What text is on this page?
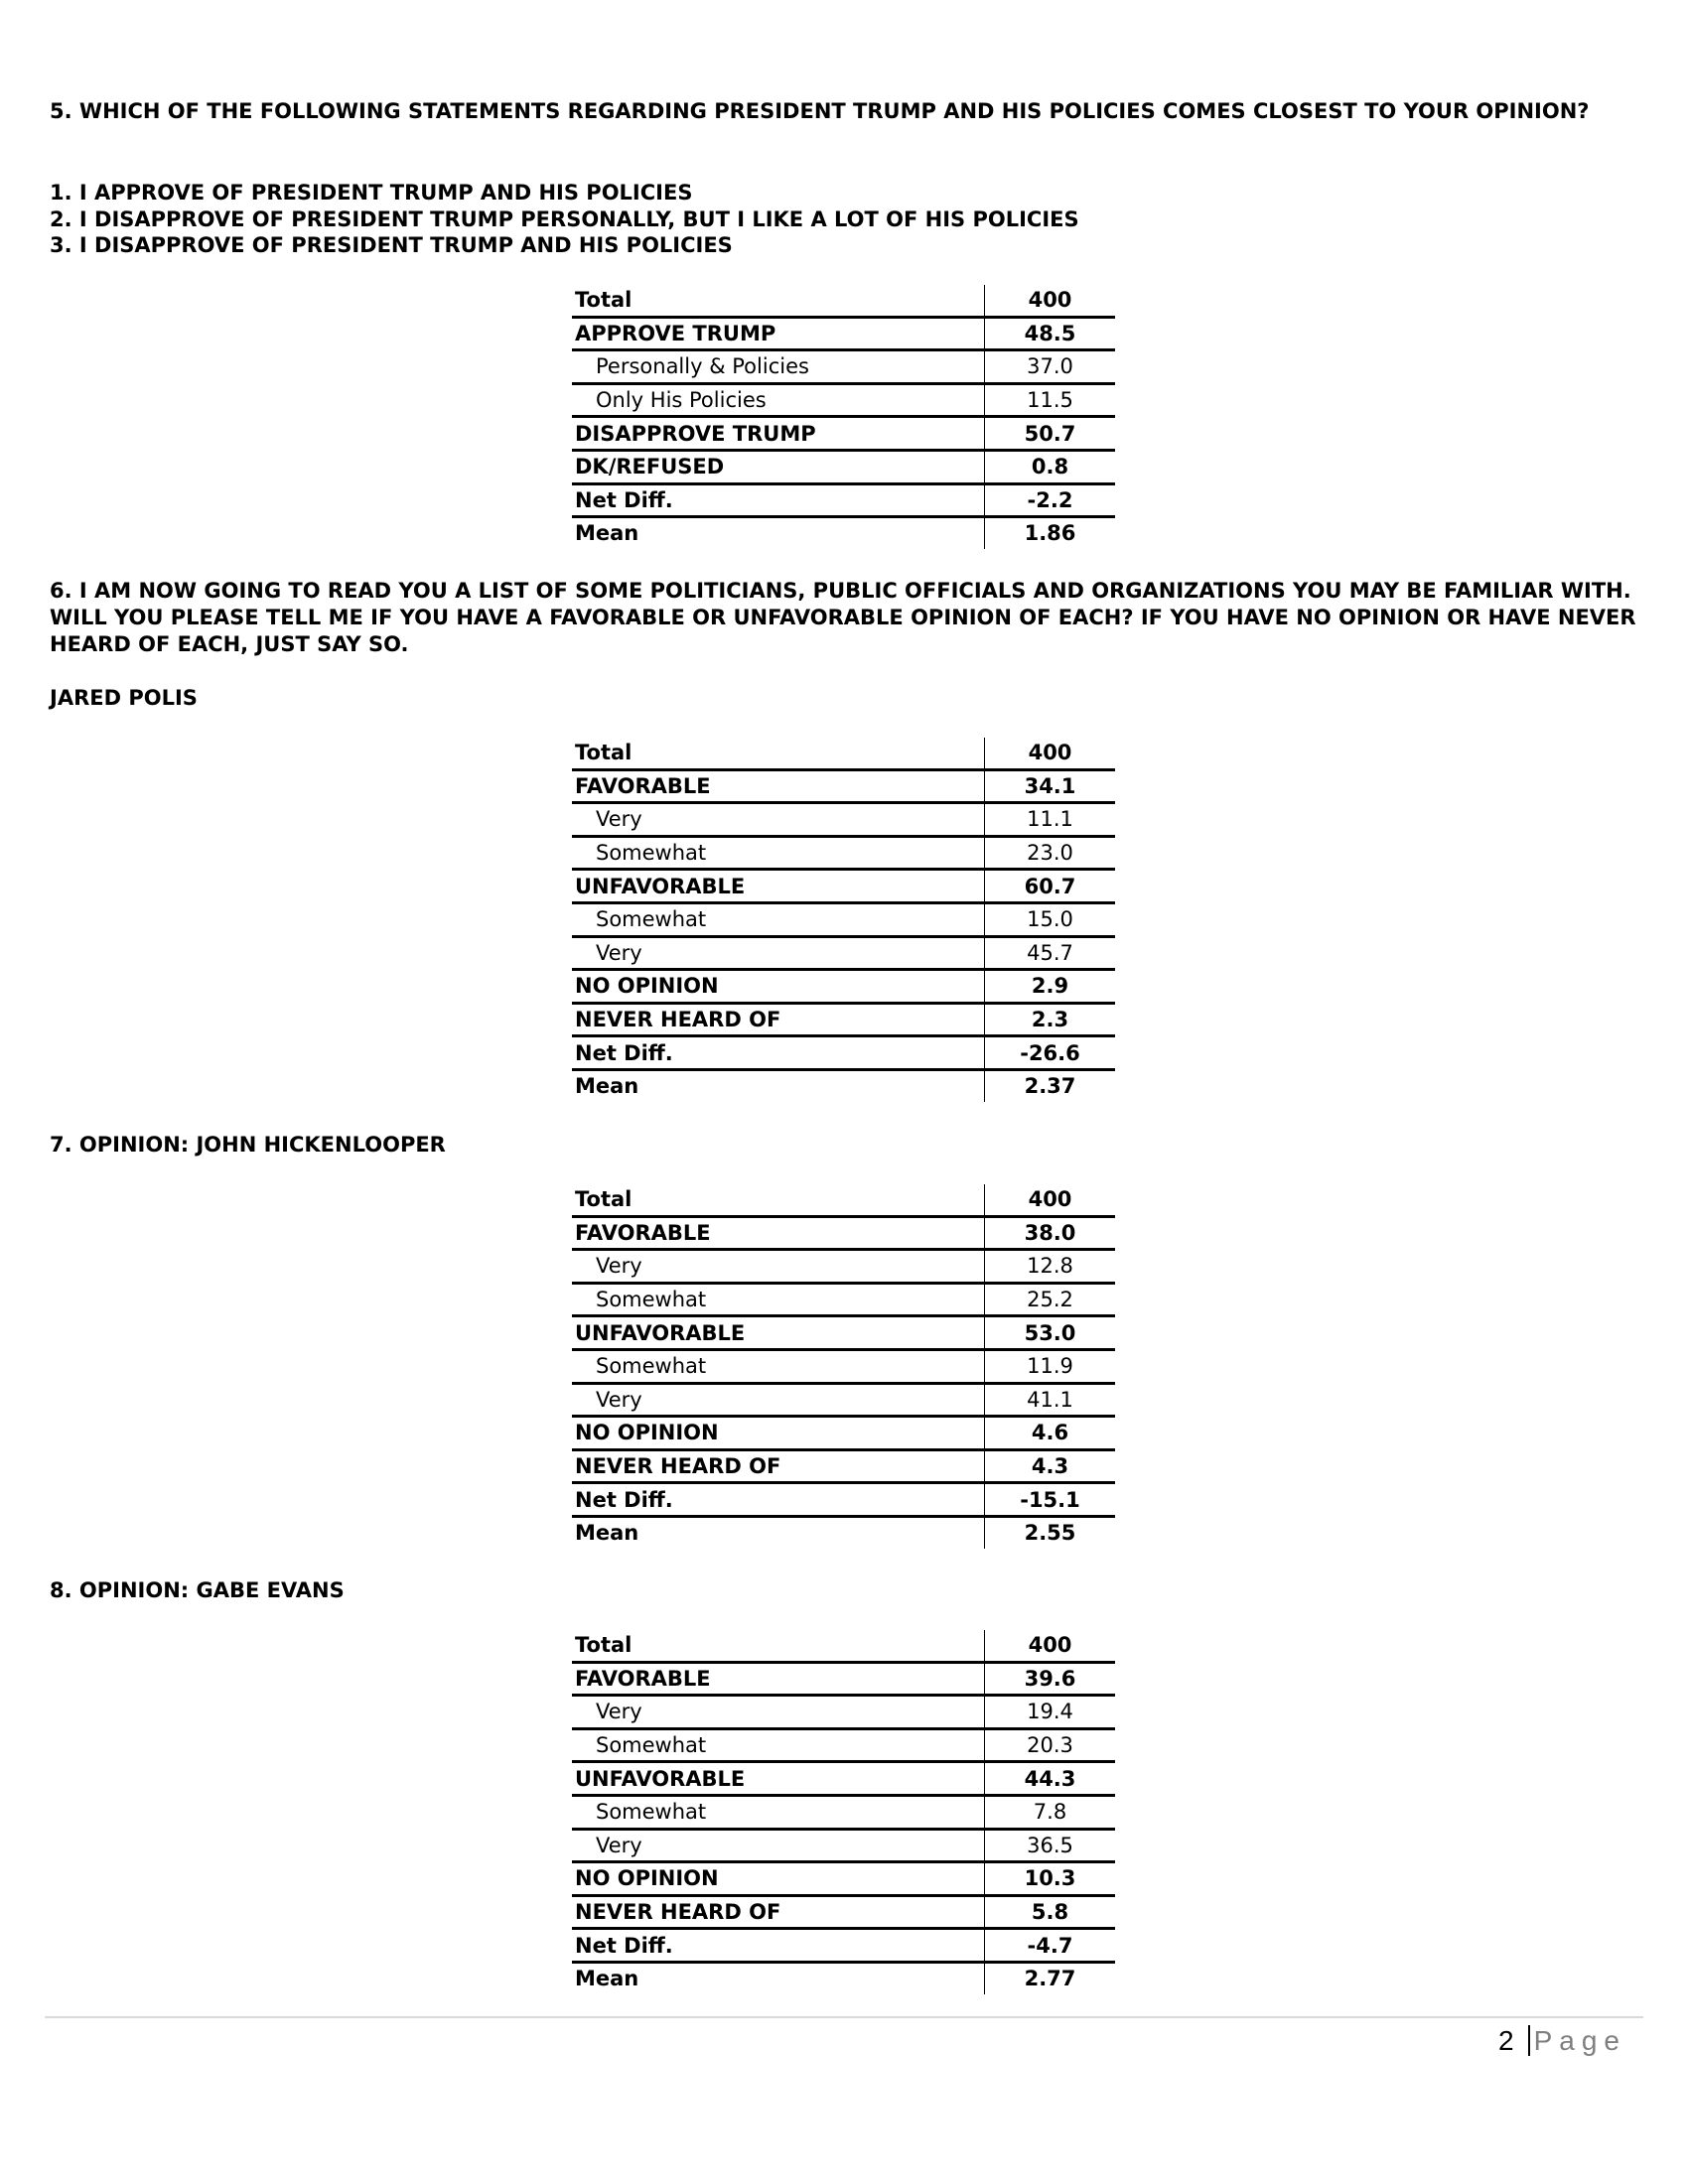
5. WHICH OF THE FOLLOWING STATEMENTS REGARDING PRESIDENT TRUMP AND HIS POLICIES COMES CLOSEST TO YOUR OPINION?

1. I APPROVE OF PRESIDENT TRUMP AND HIS POLICIES
2. I DISAPPROVE OF PRESIDENT TRUMP PERSONALLY, BUT I LIKE A LOT OF HIS POLICIES
3. I DISAPPROVE OF PRESIDENT TRUMP AND HIS POLICIES
Total	400
APPROVE TRUMP	48.5
Personally & Policies	37.0
Only His Policies	11.5
DISAPPROVE TRUMP	50.7
DK/REFUSED	0.8
Net Diff.	-2.2
Mean	1.86

6. I AM NOW GOING TO READ YOU A LIST OF SOME POLITICIANS, PUBLIC OFFICIALS AND ORGANIZATIONS YOU MAY BE FAMILIAR WITH. WILL YOU PLEASE TELL ME IF YOU HAVE A FAVORABLE OR UNFAVORABLE OPINION OF EACH? IF YOU HAVE NO OPINION OR HAVE NEVER HEARD OF EACH, JUST SAY SO.

JARED POLIS

Total	400
FAVORABLE	34.1
Very	11.1
Somewhat	23.0
UNFAVORABLE	60.7
Somewhat	15.0
Very	45.7
NO OPINION	2.9
NEVER HEARD OF	2.3
Net Diff.	-26.6
Mean	2.37

7. OPINION: JOHN HICKENLOOPER

Total	400
FAVORABLE	38.0
Very	12.8
Somewhat	25.2
UNFAVORABLE	53.0
Somewhat	11.9
Very	41.1
NO OPINION	4.6
NEVER HEARD OF	4.3
Net Diff.	-15.1
Mean	2.55

8. OPINION: GABE EVANS

Total	400
FAVORABLE	39.6
Very	19.4
Somewhat	20.3
UNFAVORABLE	44.3
Somewhat	7.8
Very	36.5
NO OPINION	10.3
NEVER HEARD OF	5.8
Net Diff.	-4.7
Mean	2.77
2 Page
